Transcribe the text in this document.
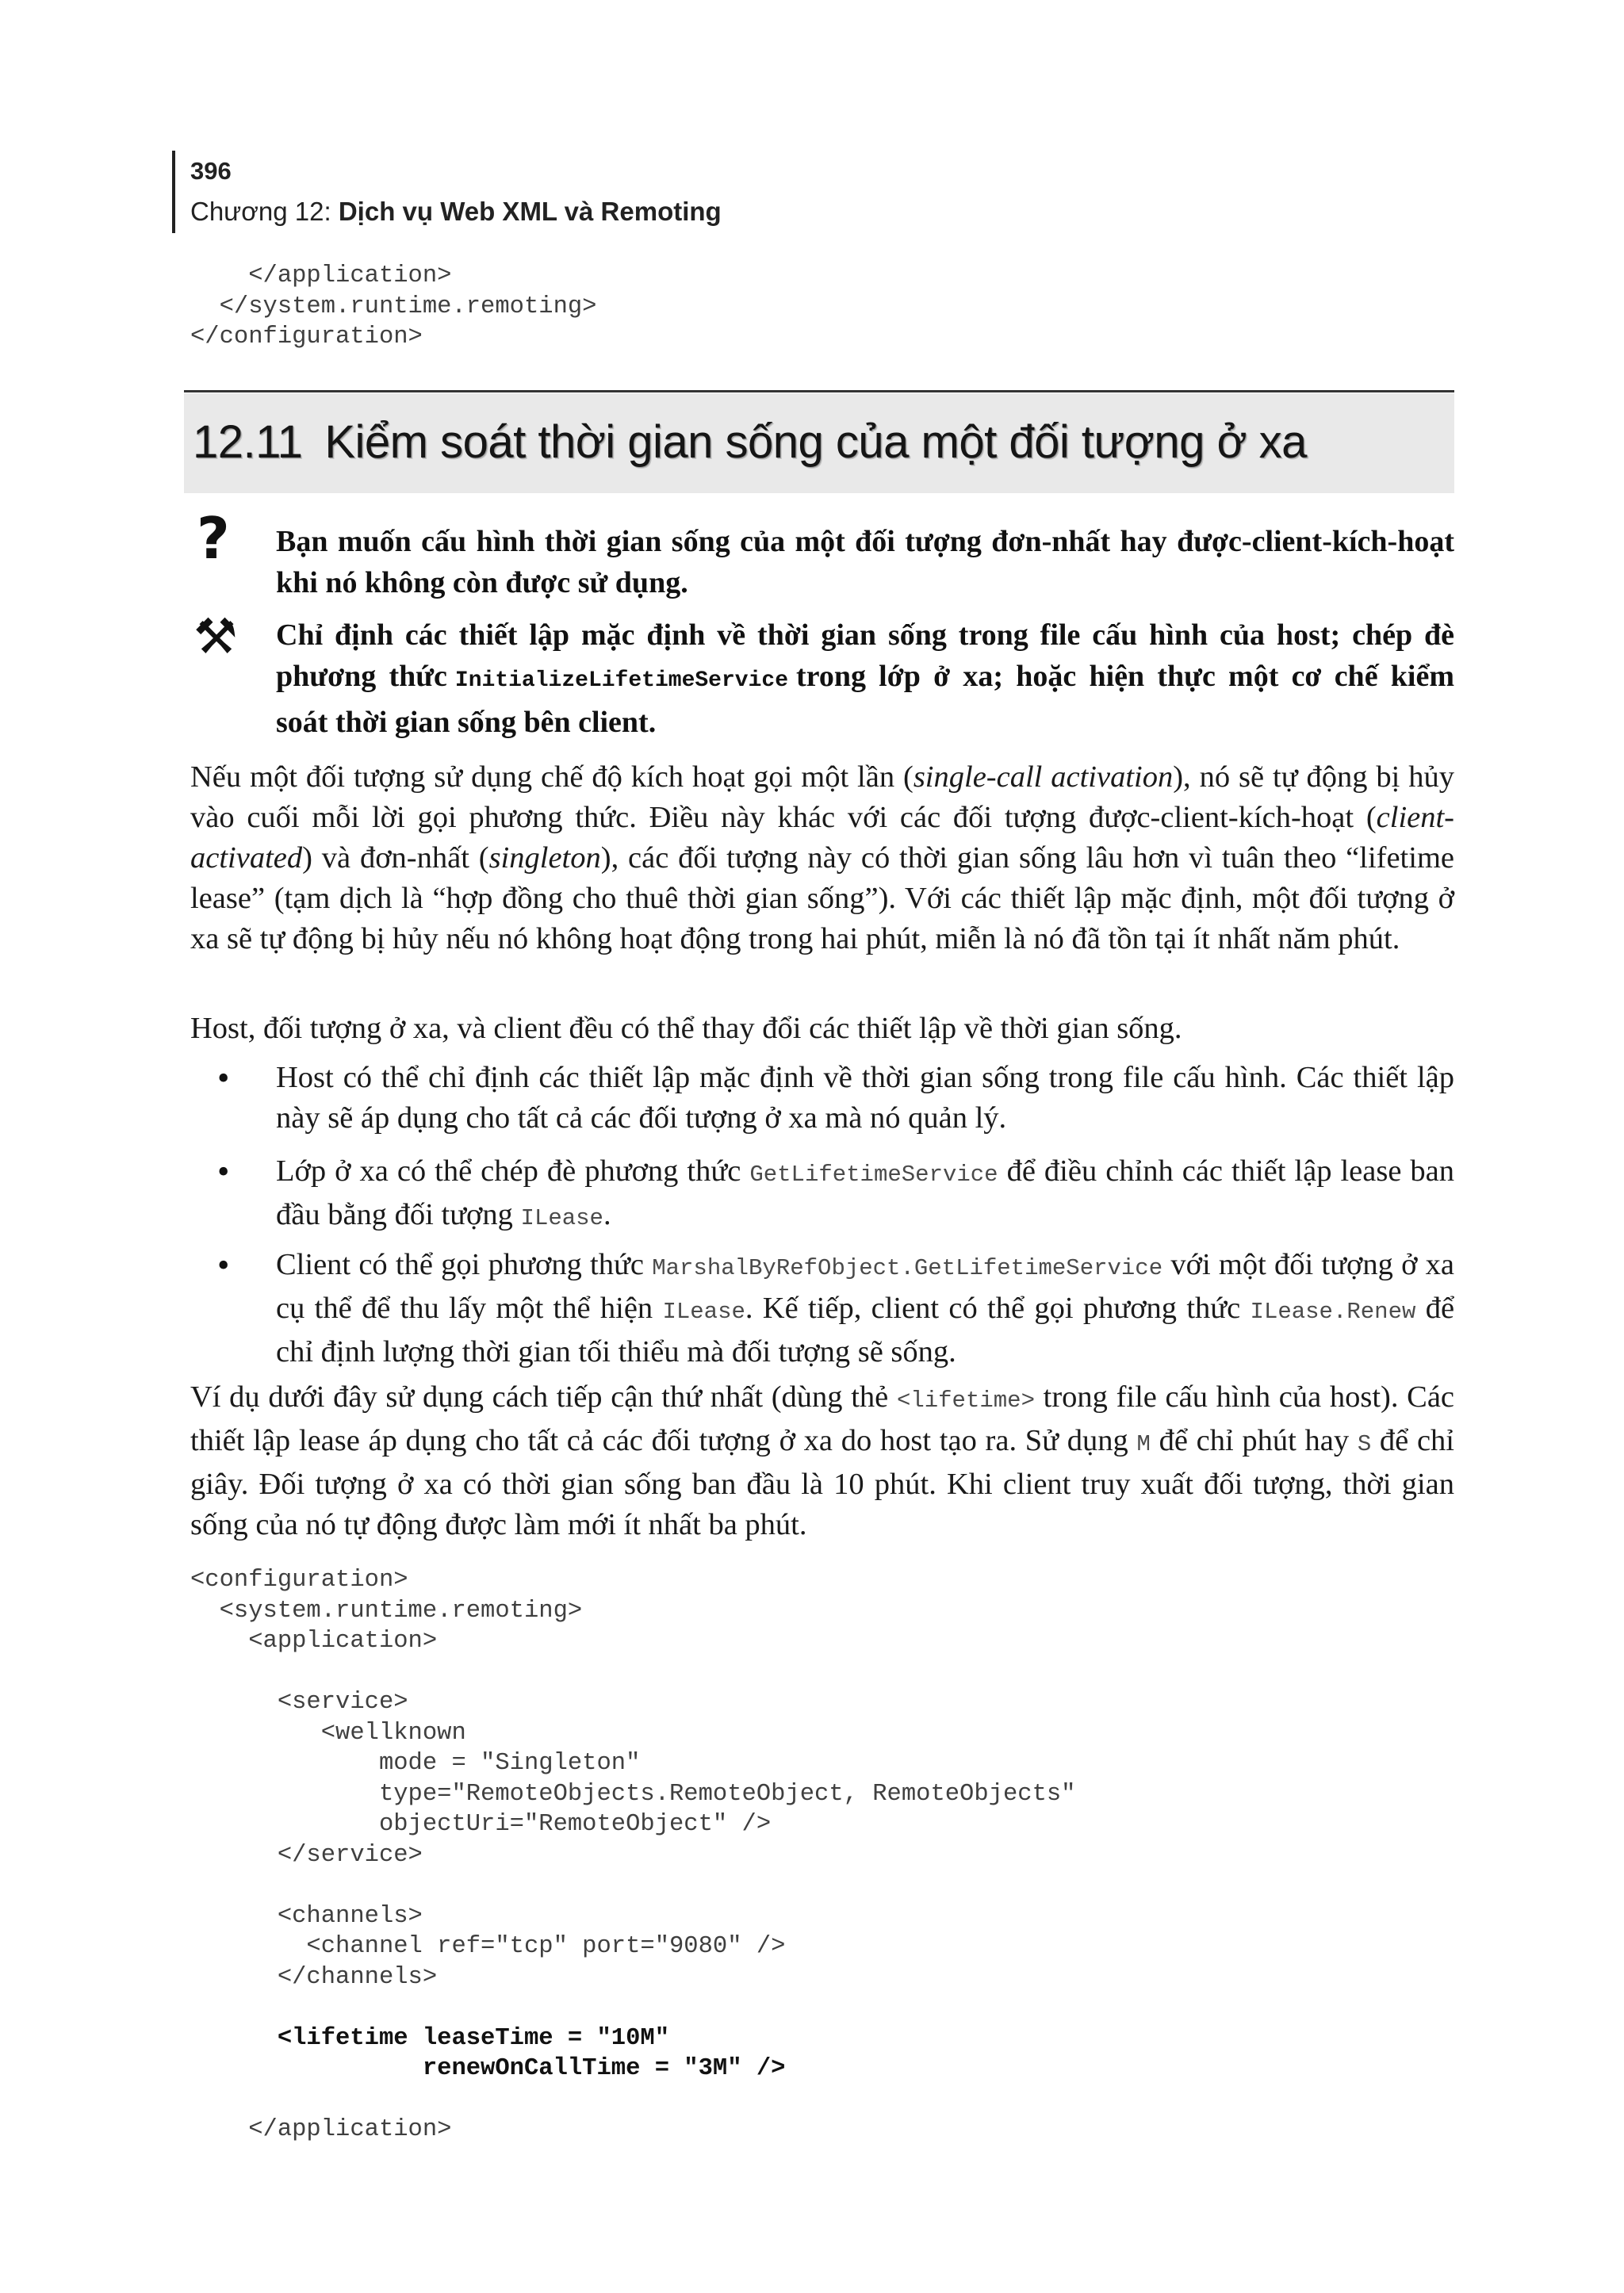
396
Chương 12: Dịch vụ Web XML và Remoting
</application>
</system.runtime.remoting>
</configuration>
12.11 Kiểm soát thời gian sống của một đối tượng ở xa
? Bạn muốn cấu hình thời gian sống của một đối tượng đơn-nhất hay được-client-kích-hoạt khi nó không còn được sử dụng.
⚒ Chỉ định các thiết lập mặc định về thời gian sống trong file cấu hình của host; chép đè phương thức InitializeLifetimeService trong lớp ở xa; hoặc hiện thực một cơ chế kiểm soát thời gian sống bên client.
Nếu một đối tượng sử dụng chế độ kích hoạt gọi một lần (single-call activation), nó sẽ tự động bị hủy vào cuối mỗi lời gọi phương thức. Điều này khác với các đối tượng được-client-kích-hoạt (client-activated) và đơn-nhất (singleton), các đối tượng này có thời gian sống lâu hơn vì tuân theo “lifetime lease” (tạm dịch là “hợp đồng cho thuê thời gian sống”). Với các thiết lập mặc định, một đối tượng ở xa sẽ tự động bị hủy nếu nó không hoạt động trong hai phút, miễn là nó đã tồn tại ít nhất năm phút.
Host, đối tượng ở xa, và client đều có thể thay đổi các thiết lập về thời gian sống.
• Host có thể chỉ định các thiết lập mặc định về thời gian sống trong file cấu hình. Các thiết lập này sẽ áp dụng cho tất cả các đối tượng ở xa mà nó quản lý.
• Lớp ở xa có thể chép đè phương thức GetLifetimeService để điều chỉnh các thiết lập lease ban đầu bằng đối tượng ILease.
• Client có thể gọi phương thức MarshalByRefObject.GetLifetimeService với một đối tượng ở xa cụ thể để thu lấy một thể hiện ILease. Kế tiếp, client có thể gọi phương thức ILease.Renew để chỉ định lượng thời gian tối thiểu mà đối tượng sẽ sống.
Ví dụ dưới đây sử dụng cách tiếp cận thứ nhất (dùng thẻ <lifetime> trong file cấu hình của host). Các thiết lập lease áp dụng cho tất cả các đối tượng ở xa do host tạo ra. Sử dụng M để chỉ phút hay S để chỉ giây. Đối tượng ở xa có thời gian sống ban đầu là 10 phút. Khi client truy xuất đối tượng, thời gian sống của nó tự động được làm mới ít nhất ba phút.
<configuration>
<system.runtime.remoting>
<application>

<service>
<wellknown
mode = "Singleton"
type="RemoteObjects.RemoteObject, RemoteObjects"
objectUri="RemoteObject" />
</service>

<channels>
<channel ref="tcp" port="9080" />
</channels>

<lifetime leaseTime = "10M"
renewOnCallTime = "3M" />

</application>
